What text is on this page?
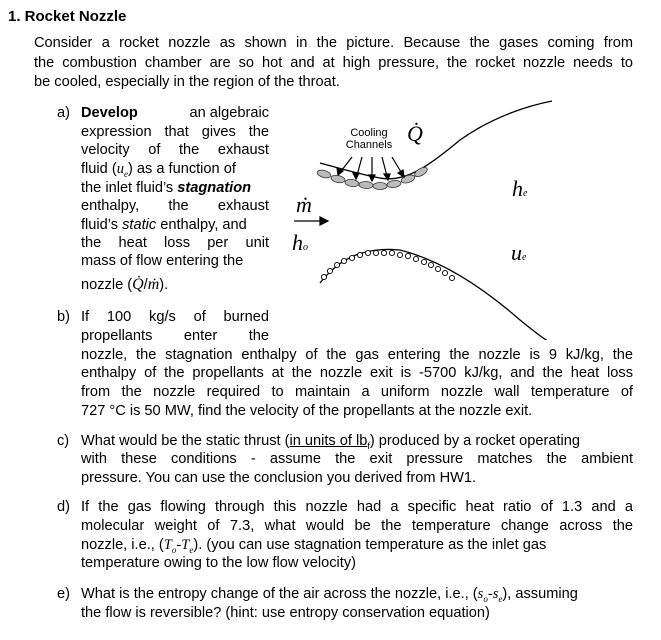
1. Rocket Nozzle
Consider a rocket nozzle as shown in the picture. Because the gases coming from
the combustion chamber are so hot and at high pressure, the rocket nozzle needs to
be cooled, especially in the region of the throat.
a) Develop	an algebraic
expression that gives the
velocity of the exhaust
fluid $(u_e)$ as a function of
the inlet fluid’s stagnation
enthalpy, the exhaust
fluid’s static enthalpy, and
the heat loss per unit
mass of flow entering the
nozzle (Q̇/ṁ).
Cooling
Channels Q̇
ṁ
ho
he
ue
b) If 100 kg/s of burned
propellants enter the
nozzle, the stagnation enthalpy of the gas entering the nozzle is 9 kJ/kg, the
enthalpy of the propellants at the nozzle exit is -5700 kJ/kg, and the heat loss
from the nozzle required to maintain a uniform nozzle wall temperature of
727 °C is 50 MW, find the velocity of the propellants at the nozzle exit.
c) What would be the static thrust (in units of $lb_f$) produced by a rocket operating
with these conditions - assume the exit pressure matches the ambient
pressure. You can use the conclusion you derived from HW1.
d) If the gas flowing through this nozzle had a specific heat ratio of 1.3 and a
molecular weight of 7.3, what would be the temperature change across the
nozzle, i.e., $(T_o-T_e)$. (you can use stagnation temperature as the inlet gas
temperature owing to the low flow velocity)
e) What is the entropy change of the air across the nozzle, i.e., $(s_o-s_e)$, assuming
the flow is reversible? (hint: use entropy conservation equation)
